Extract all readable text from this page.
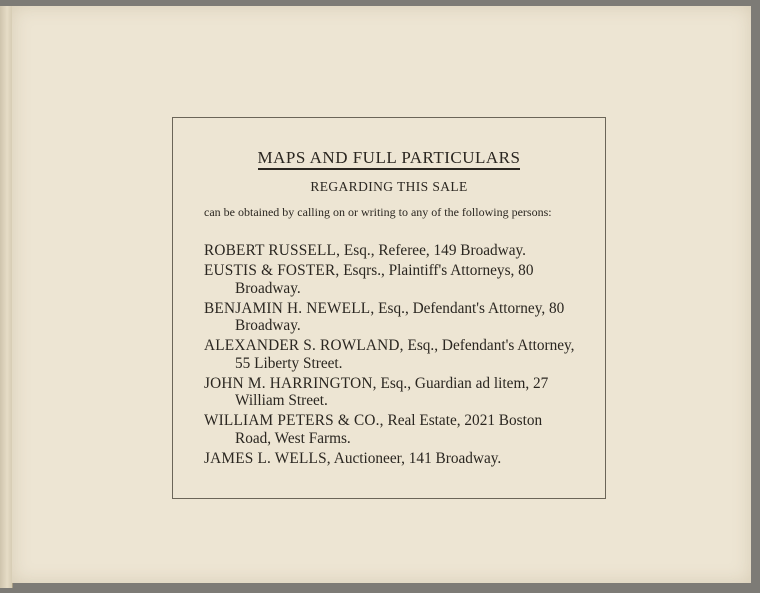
MAPS AND FULL PARTICULARS
REGARDING THIS SALE
can be obtained by calling on or writing to any of the following persons:
ROBERT RUSSELL, Esq., Referee, 149 Broadway.
EUSTIS & FOSTER, Esqrs., Plaintiff's Attorneys, 80 Broadway.
BENJAMIN H. NEWELL, Esq., Defendant's Attorney, 80 Broadway.
ALEXANDER S. ROWLAND, Esq., Defendant's Attorney, 55 Liberty Street.
JOHN M. HARRINGTON, Esq., Guardian ad litem, 27 William Street.
WILLIAM PETERS & CO., Real Estate, 2021 Boston Road, West Farms.
JAMES L. WELLS, Auctioneer, 141 Broadway.
